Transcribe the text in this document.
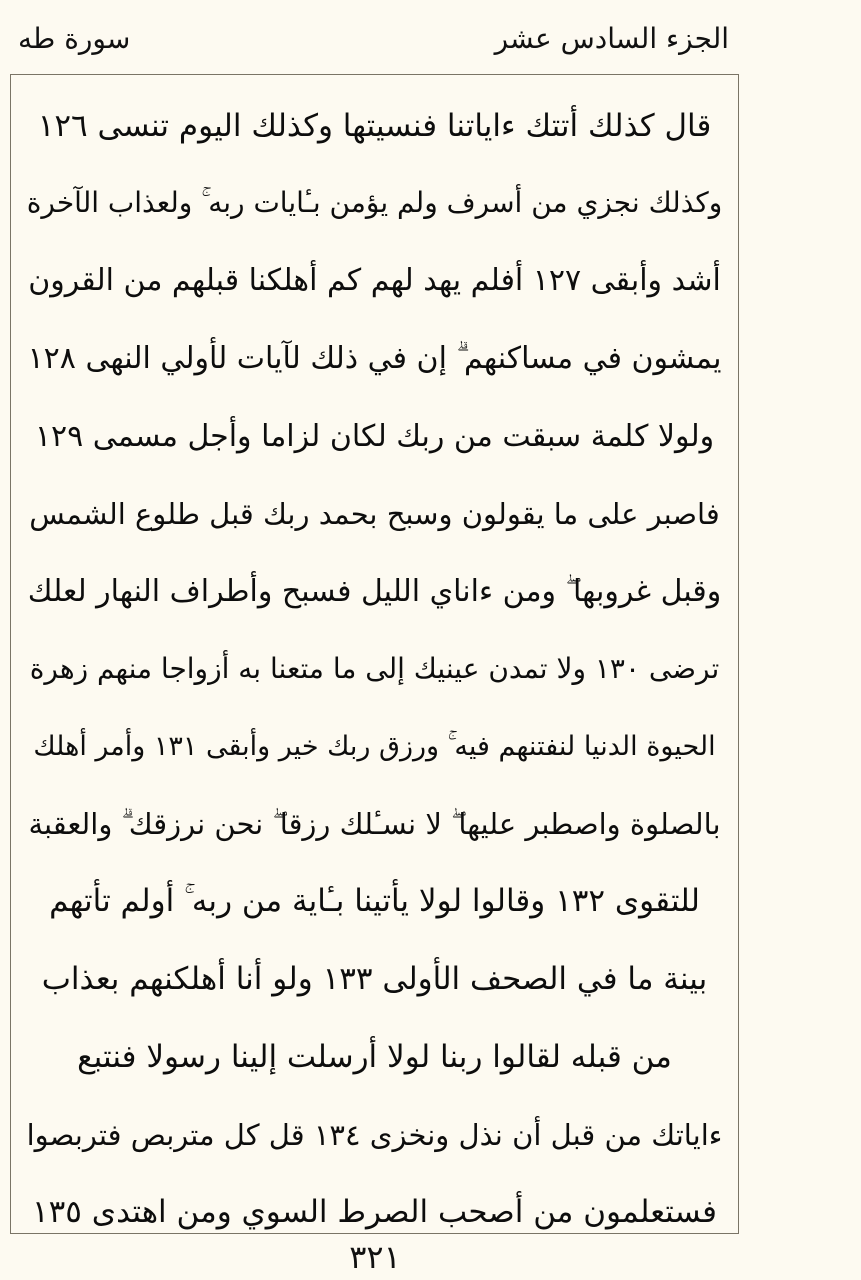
الجزء السادس عشر
سورة طه
قال كذلك أتتك ءاياتنا فنسيتها وكذلك اليوم تنسى ١٢٦
وكذلك نجزي من أسرف ولم يؤمن بـٔايات ربه ۚ ولعذاب الآخرة
أشد وأبقى ١٢٧ أفلم يهد لهم كم أهلكنا قبلهم من القرون
يمشون في مساكنهم ۗ إن في ذلك لآيات لأولي النهى ١٢٨
ولولا كلمة سبقت من ربك لكان لزاما وأجل مسمى ١٢٩
فاصبر على ما يقولون وسبح بحمد ربك قبل طلوع الشمس
وقبل غروبها ۖ ومن ءاناي الليل فسبح وأطراف النهار لعلك
ترضى ١٣٠ ولا تمدن عينيك إلى ما متعنا به أزواجا منهم زهرة
الحيوة الدنيا لنفتنهم فيه ۚ ورزق ربك خير وأبقى ١٣١ وأمر أهلك
بالصلوة واصطبر عليها ۖ لا نسـٔلك رزقا ۖ نحن نرزقك ۗ والعقبة
للتقوى ١٣٢ وقالوا لولا يأتينا بـٔاية من ربه ۚ أولم تأتهم
بينة ما في الصحف الأولى ١٣٣ ولو أنا أهلكنهم بعذاب
من قبله لقالوا ربنا لولا أرسلت إلينا رسولا فنتبع
ءاياتك من قبل أن نذل ونخزى ١٣٤ قل كل متربص فتربصوا
فستعلمون من أصحب الصرط السوي ومن اهتدى ١٣٥
٣٢١
